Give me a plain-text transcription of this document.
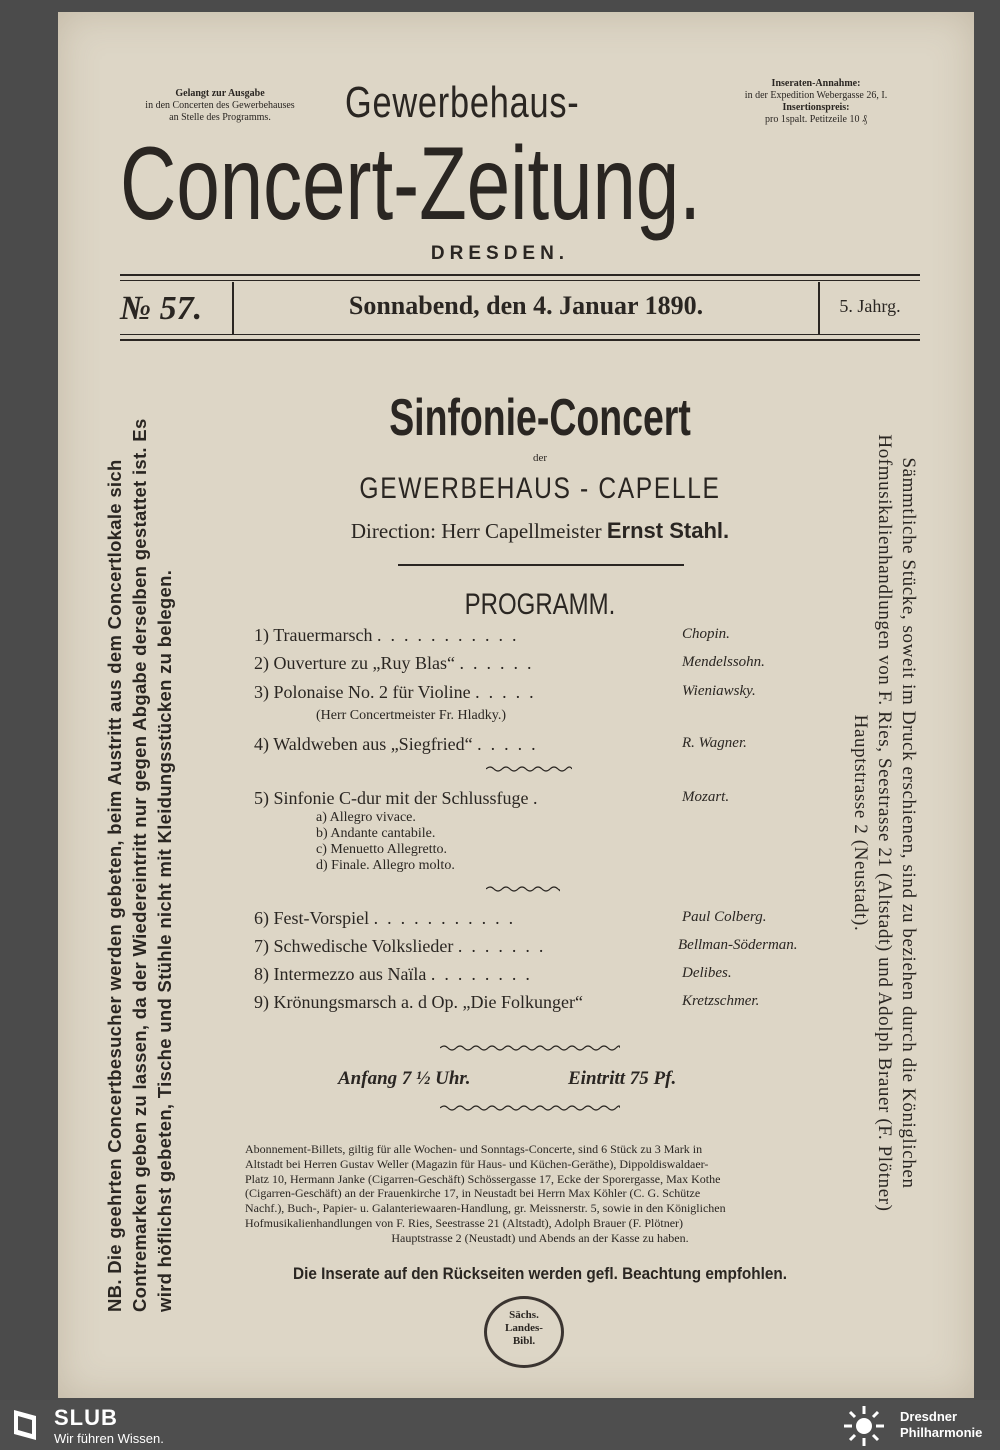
Gelangt zur Ausgabe
in den Concerten des Gewerbehauses
an Stelle des Programms.
Inseraten-Annahme:
in der Expedition Webergasse 26, I.
Insertionspreis:
pro 1spalt. Petitzeile 10 ₰
Gewerbehaus-
Concert-Zeitung.
DRESDEN.
№ 57.	Sonnabend, den 4. Januar 1890.	5. Jahrg.
NB. Die geehrten Concertbesucher werden gebeten, beim Austritt aus dem Concertlokale sich Contremarken geben zu lassen, da der Wiedereintritt nur gegen Abgabe derselben gestattet ist. Es wird höflichst gebeten, Tische und Stühle nicht mit Kleidungsstücken zu belegen.	Sämmtliche Stücke, soweit im Druck erschienen, sind zu beziehen durch die Königlichen Hofmusikalienhandlungen von F. Ries, Seestrasse 21 (Altstadt) und Adolph Brauer (F. Plötner) Hauptstrasse 2 (Neustadt).
Sinfonie-Concert
der
GEWERBEHAUS - CAPELLE
Direction: Herr Capellmeister Ernst Stahl.
PROGRAMM.
1) Trauermarsch ...........	Chopin.
2) Ouverture zu „Ruy Blas“ ......	Mendelssohn.
3) Polonaise No. 2 für Violine .....	Wieniawsky.
(Herr Concertmeister Fr. Hladky.)
4) Waldweben aus „Siegfried“ .....	R. Wagner.
5) Sinfonie C-dur mit der Schlussfuge .	Mozart.
a) Allegro vivace.
b) Andante cantabile.
c) Menuetto Allegretto.
d) Finale. Allegro molto.
6) Fest-Vorspiel ...........	Paul Colberg.
7) Schwedische Volkslieder .......	Bellman-Söderman.
8) Intermezzo aus Naïla ........	Delibes.
9) Krönungsmarsch a. d Op. „Die Folkunger“	Kretzschmer.
Anfang 7 ½ Uhr.	Eintritt 75 Pf.
Abonnement-Billets, giltig für alle Wochen- und Sonntags-Concerte, sind 6 Stück zu 3 Mark in
Altstadt bei Herren Gustav Weller (Magazin für Haus- und Küchen-Geräthe), Dippoldiswaldaer-
Platz 10, Hermann Janke (Cigarren-Geschäft) Schössergasse 17, Ecke der Sporergasse, Max Kothe
(Cigarren-Geschäft) an der Frauenkirche 17, in Neustadt bei Herrn Max Köhler (C. G. Schütze
Nachf.), Buch-, Papier- u. Galanteriewaaren-Handlung, gr. Meissnerstr. 5, sowie in den Königlichen
Hofmusikalienhandlungen von F. Ries, Seestrasse 21 (Altstadt), Adolph Brauer (F. Plötner)
Hauptstrasse 2 (Neustadt) und Abends an der Kasse zu haben.
Die Inserate auf den Rückseiten werden gefl. Beachtung empfohlen.
Sächs.
Landes-
Bibl.
SLUB
Wir führen Wissen.
Dresdner
Philharmonie
